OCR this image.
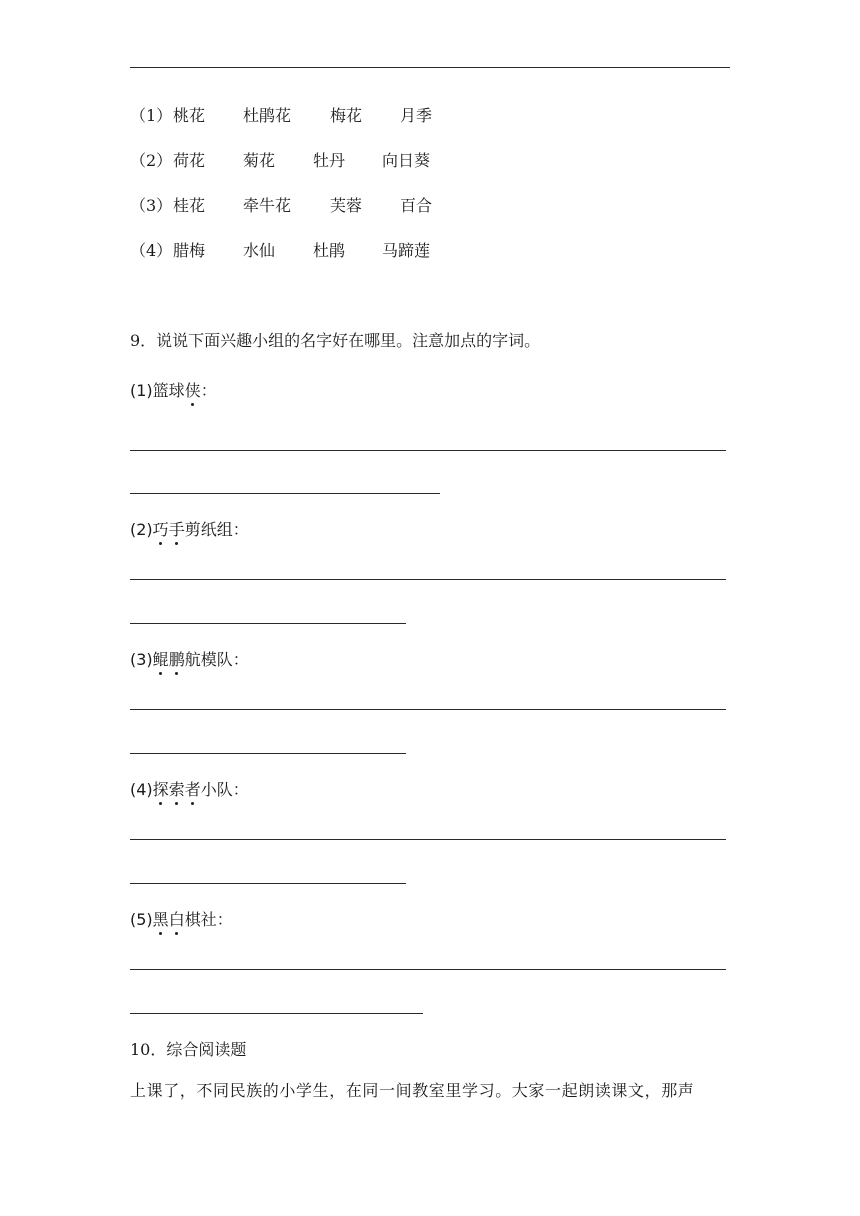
（1） 桃花 杜鹃花 梅花 月季
（2） 荷花 菊花 牡丹 向日葵
（3） 桂花 牵牛花 芙蓉 百合
（4） 腊梅 水仙 杜鹃 马蹄莲
9．说说下面兴趣小组的名字好在哪里。注意加点的字词。
(1)篮球侠：
(2)巧手剪纸组：
(3)鲲鹏航模队：
(4)探索者小队：
(5)黑白棋社：
10．综合阅读题
上课了，不同民族的小学生，在同一间教室里学习。大家一起朗读课文，那声
